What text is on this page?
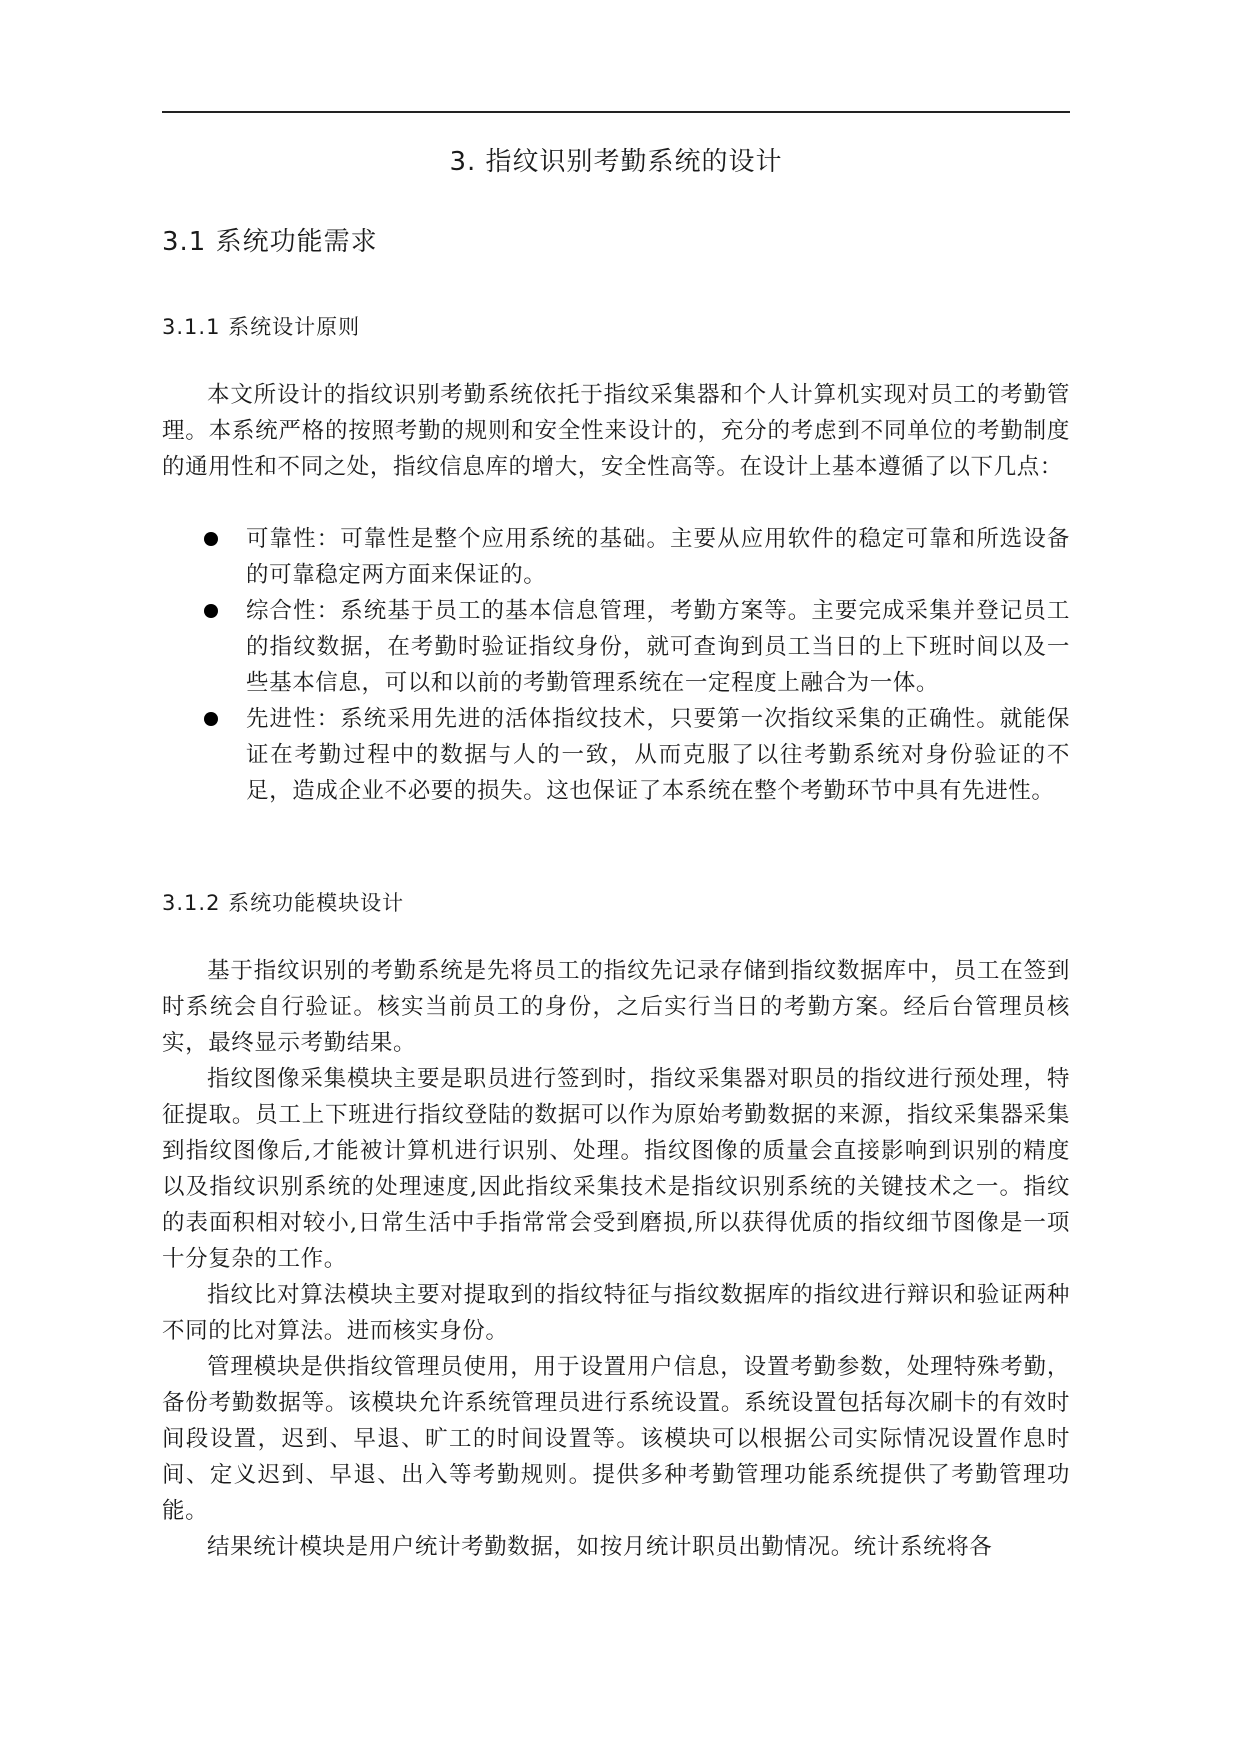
3. 指纹识别考勤系统的设计
3.1 系统功能需求
3.1.1 系统设计原则

本文所设计的指纹识别考勤系统依托于指纹采集器和个人计算机实现对员工的考勤管理。本系统严格的按照考勤的规则和安全性来设计的，充分的考虑到不同单位的考勤制度的通用性和不同之处，指纹信息库的增大，安全性高等。在设计上基本遵循了以下几点：

可靠性：可靠性是整个应用系统的基础。主要从应用软件的稳定可靠和所选设备的可靠稳定两方面来保证的。
综合性：系统基于员工的基本信息管理，考勤方案等。主要完成采集并登记员工的指纹数据，在考勤时验证指纹身份，就可查询到员工当日的上下班时间以及一些基本信息，可以和以前的考勤管理系统在一定程度上融合为一体。
先进性：系统采用先进的活体指纹技术，只要第一次指纹采集的正确性。就能保证在考勤过程中的数据与人的一致，从而克服了以往考勤系统对身份验证的不足，造成企业不必要的损失。这也保证了本系统在整个考勤环节中具有先进性。
3.1.2 系统功能模块设计

基于指纹识别的考勤系统是先将员工的指纹先记录存储到指纹数据库中，员工在签到时系统会自行验证。核实当前员工的身份，之后实行当日的考勤方案。经后台管理员核实，最终显示考勤结果。

指纹图像采集模块主要是职员进行签到时，指纹采集器对职员的指纹进行预处理，特征提取。员工上下班进行指纹登陆的数据可以作为原始考勤数据的来源，指纹采集器采集到指纹图像后,才能被计算机进行识别、处理。指纹图像的质量会直接影响到识别的精度以及指纹识别系统的处理速度,因此指纹采集技术是指纹识别系统的关键技术之一。指纹的表面积相对较小,日常生活中手指常常会受到磨损,所以获得优质的指纹细节图像是一项十分复杂的工作。

指纹比对算法模块主要对提取到的指纹特征与指纹数据库的指纹进行辩识和验证两种不同的比对算法。进而核实身份。

管理模块是供指纹管理员使用，用于设置用户信息，设置考勤参数，处理特殊考勤，备份考勤数据等。该模块允许系统管理员进行系统设置。系统设置包括每次刷卡的有效时间段设置，迟到、早退、旷工的时间设置等。该模块可以根据公司实际情况设置作息时间、定义迟到、早退、出入等考勤规则。提供多种考勤管理功能系统提供了考勤管理功能。

结果统计模块是用户统计考勤数据，如按月统计职员出勤情况。统计系统将各
